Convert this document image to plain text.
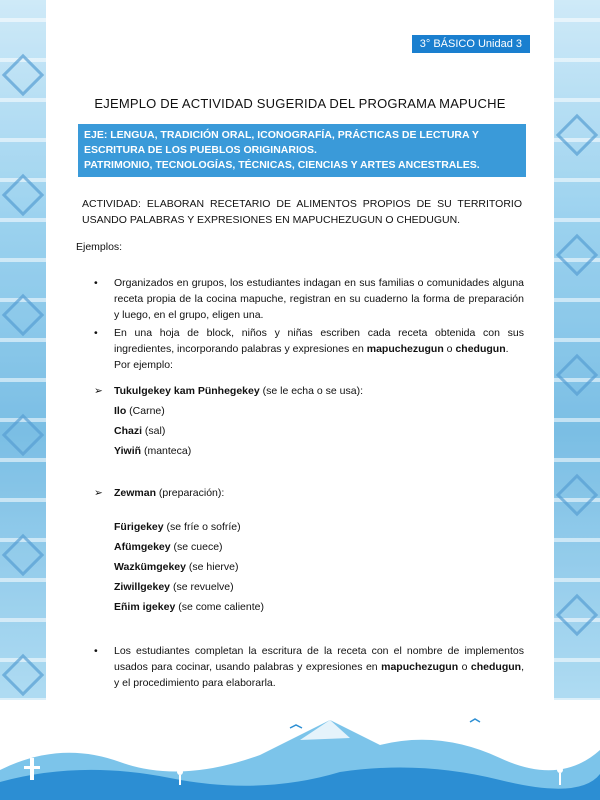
3° BÁSICO Unidad 3
EJEMPLO DE ACTIVIDAD SUGERIDA DEL PROGRAMA MAPUCHE

EJE: LENGUA, TRADICIÓN ORAL, ICONOGRAFÍA, PRÁCTICAS DE LECTURA Y ESCRITURA DE LOS PUEBLOS ORIGINARIOS.

PATRIMONIO, TECNOLOGÍAS, TÉCNICAS, CIENCIAS Y ARTES ANCESTRALES.

ACTIVIDAD: ELABORAN RECETARIO DE ALIMENTOS PROPIOS DE SU TERRITORIO USANDO PALABRAS Y EXPRESIONES EN MAPUCHEZUGUN O CHEDUGUN.

Ejemplos:

• Organizados en grupos, los estudiantes indagan en sus familias o comunidades alguna receta propia de la cocina mapuche, registran en su cuaderno la forma de preparación y luego, en el grupo, eligen una.
• En una hoja de block, niños y niñas escriben cada receta obtenida con sus ingredientes, incorporando palabras y expresiones en mapuchezugun o chedugun.
Por ejemplo:

➢ Tukulgekey kam Pünhegekey (se le echa o se usa):

Ilo (Carne)
Chazi (sal)
Yiwiñ (manteca)

➢ Zewman (preparación):

Fürigekey (se fríe o sofríe)
Afümgekey (se cuece)
Wazkümgekey (se hierve)
Ziwillgekey (se revuelve)
Eñim igekey (se come caliente)
• Los estudiantes completan la escritura de la receta con el nombre de implementos usados para cocinar, usando palabras y expresiones en mapuchezugun o chedugun, y el procedimiento para elaborarla.
